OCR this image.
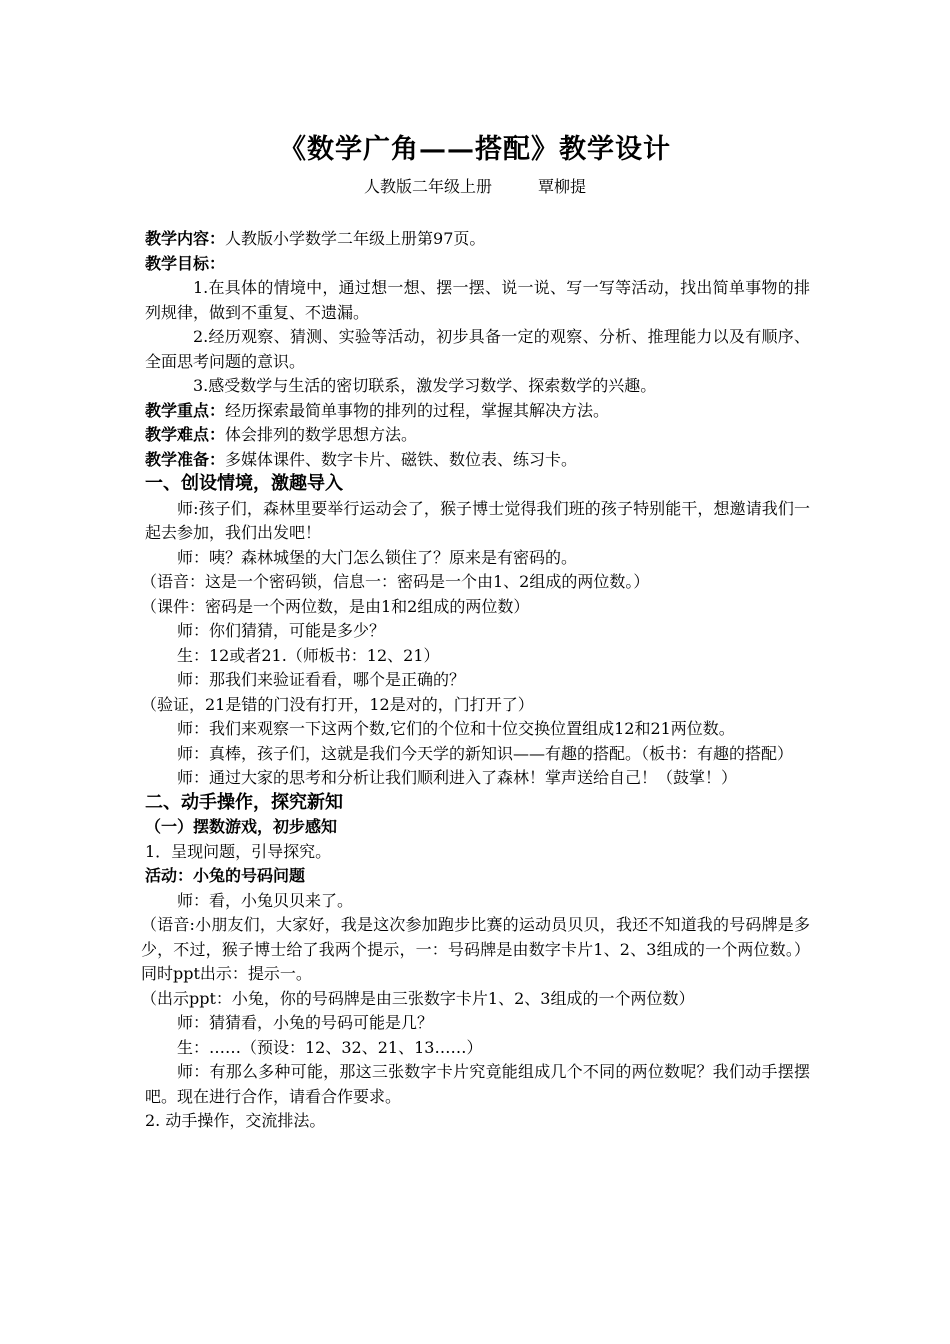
《数学广角——搭配》教学设计
人教版二年级上册	覃柳提

教学内容：人教版小学数学二年级上册第97页。

教学目标：

1.在具体的情境中，通过想一想、摆一摆、说一说、写一写等活动，找出简单事物的排列规律，做到不重复、不遗漏。

2.经历观察、猜测、实验等活动，初步具备一定的观察、分析、推理能力以及有顺序、全面思考问题的意识。

3.感受数学与生活的密切联系，激发学习数学、探索数学的兴趣。

教学重点：经历探索最简单事物的排列的过程，掌握其解决方法。

教学难点：体会排列的数学思想方法。

教学准备：多媒体课件、数字卡片、磁铁、数位表、练习卡。

一、创设情境，激趣导入

师:孩子们，森林里要举行运动会了，猴子博士觉得我们班的孩子特别能干，想邀请我们一起去参加，我们出发吧！

师：咦？森林城堡的大门怎么锁住了？原来是有密码的。

（语音：这是一个密码锁，信息一：密码是一个由1、2组成的两位数。）

（课件：密码是一个两位数，是由1和2组成的两位数）

师：你们猜猜，可能是多少？

生：12或者21.（师板书：12、21）

师：那我们来验证看看，哪个是正确的？

（验证，21是错的门没有打开，12是对的，门打开了）

师：我们来观察一下这两个数,它们的个位和十位交换位置组成12和21两位数。

师：真棒，孩子们，这就是我们今天学的新知识——有趣的搭配。（板书：有趣的搭配）

师：通过大家的思考和分析让我们顺利进入了森林！掌声送给自己！（鼓掌！）

二、动手操作，探究新知

（一）摆数游戏，初步感知

1．呈现问题，引导探究。

活动：小兔的号码问题

师：看，小兔贝贝来了。

（语音:小朋友们，大家好，我是这次参加跑步比赛的运动员贝贝，我还不知道我的号码牌是多少，不过，猴子博士给了我两个提示，一：号码牌是由数字卡片1、2、3组成的一个两位数。）同时ppt出示：提示一。

（出示ppt：小兔，你的号码牌是由三张数字卡片1、2、3组成的一个两位数）

师：猜猜看，小兔的号码可能是几？

生：……（预设：12、32、21、13……）

师：有那么多种可能，那这三张数字卡片究竟能组成几个不同的两位数呢？我们动手摆摆吧。现在进行合作，请看合作要求。

2. 动手操作，交流排法。
